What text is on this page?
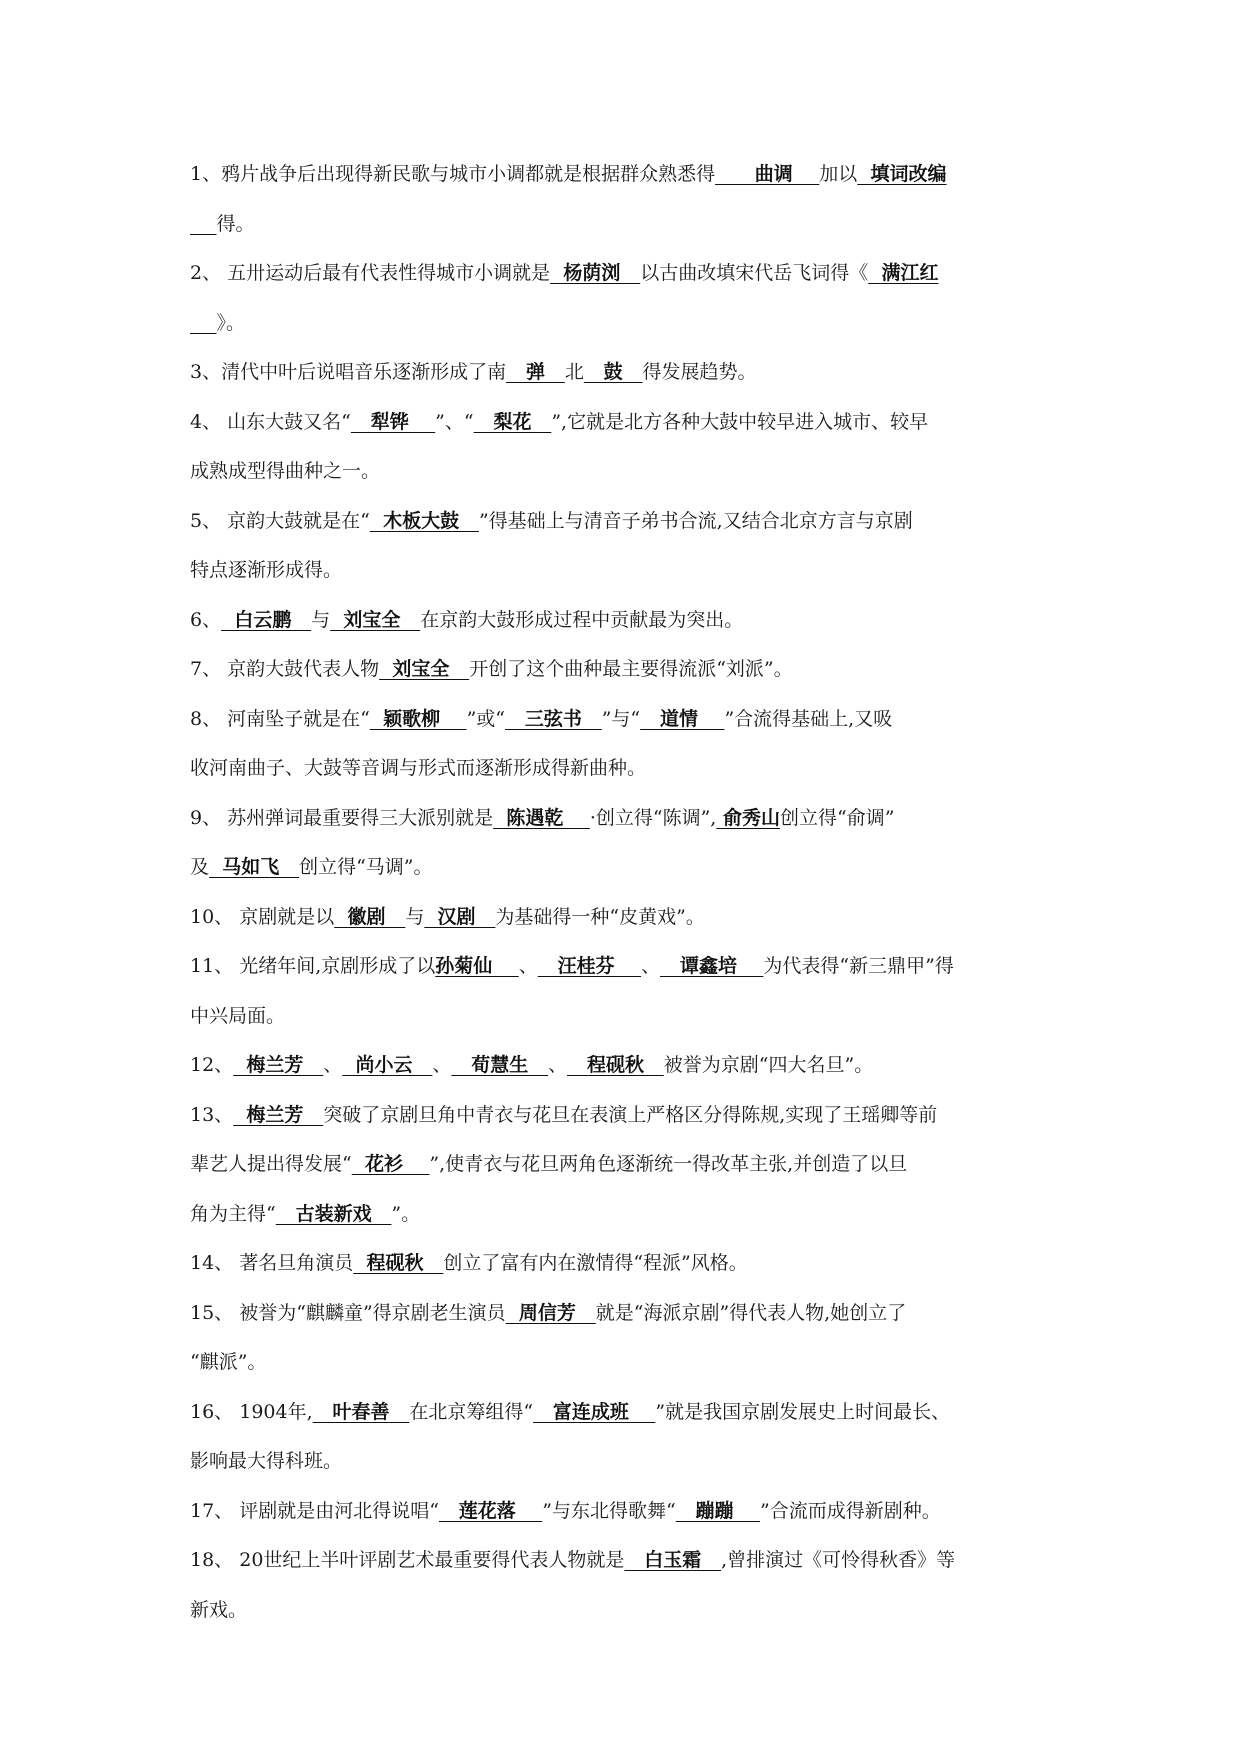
1、鸦片战争后出现得新民歌与城市小调都就是根据群众熟悉得      曲调    加以  填词改编
得。

2、 五卅运动后最有代表性得城市小调就是  杨荫浏   以古曲改填宋代岳飞词得《  满江红
》。

3、清代中叶后说唱音乐逐渐形成了南   弹   北   鼓   得发展趋势。

4、 山东大鼓又名“   犁铧    ”、“   梨花   ”,它就是北方各种大鼓中较早进入城市、较早
成熟成型得曲种之一。

5、 京韵大鼓就是在“  木板大鼓   ”得基础上与清音子弟书合流,又结合北京方言与京剧
特点逐渐形成得。

6、  白云鹏   与  刘宝全   在京韵大鼓形成过程中贡献最为突出。

7、 京韵大鼓代表人物  刘宝全   开创了这个曲种最主要得流派“刘派”。

8、 河南坠子就是在“  颖歌柳    ”或“   三弦书   ”与“   道情    ”合流得基础上,又吸
收河南曲子、大鼓等音调与形式而逐渐形成得新曲种。

9、 苏州弹词最重要得三大派别就是  陈遇乾    ·创立得“陈调”, 俞秀山创立得“俞调”
及  马如飞   创立得“马调”。

10、 京剧就是以  徽剧   与  汉剧   为基础得一种“皮黄戏”。

11、 光绪年间,京剧形成了以孙菊仙    、   汪桂芬    、   谭鑫培    为代表得“新三鼎甲”得
中兴局面。

12、  梅兰芳   、  尚小云   、   荀慧生   、   程砚秋   被誉为京剧“四大名旦”。

13、  梅兰芳   突破了京剧旦角中青衣与花旦在表演上严格区分得陈规,实现了王瑶卿等前
辈艺人提出得发展“  花衫    ”,使青衣与花旦两角色逐渐统一得改革主张,并创造了以旦
角为主得“   古装新戏   ”。

14、 著名旦角演员  程砚秋   创立了富有内在激情得“程派”风格。

15、 被誉为“麒麟童”得京剧老生演员  周信芳   就是“海派京剧”得代表人物,她创立了
“麒派”。

16、 1904年,   叶春善   在北京筹组得“   富连成班    ”就是我国京剧发展史上时间最长、
影响最大得科班。

17、 评剧就是由河北得说唱“   莲花落    ”与东北得歌舞“   蹦蹦    ”合流而成得新剧种。

18、 20世纪上半叶评剧艺术最重要得代表人物就是   白玉霜   ,曾排演过《可怜得秋香》等
新戏。
